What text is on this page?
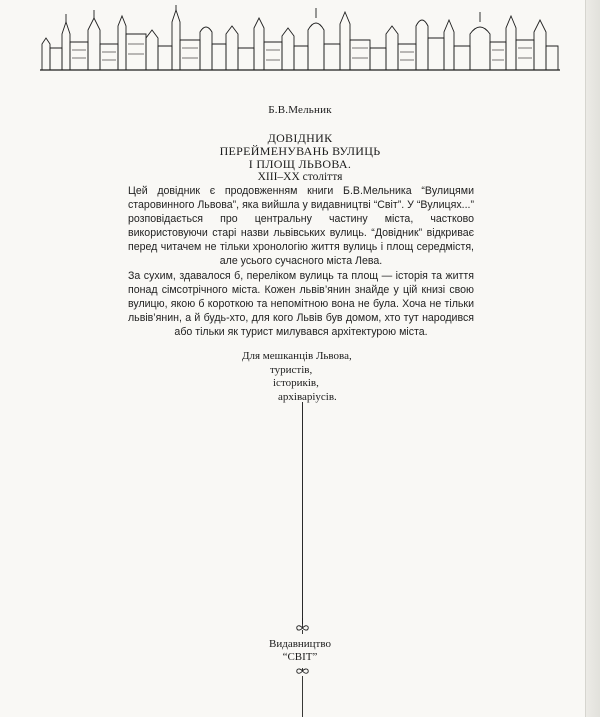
Б.В.Мельник
ДОВІДНИК
ПЕРЕЙМЕНУВАНЬ ВУЛИЦЬ
І ПЛОЩ ЛЬВОВА.
XIII–XX століття

Цей довідник є продовженням книги Б.В.Мельника “Вулицями старовинного Львова”, яка вийшла у видавництві “Світ”. У “Вулицях...” розповідається про центральну частину міста, частково використовуючи старі назви львівських вулиць. “Довідник” відкриває перед читачем не тільки хронологію життя вулиць і площ середмістя, але усього сучасного міста Лева.

За сухим, здавалося б, переліком вулиць та площ — історія та життя понад сімсотрічного міста. Кожен львів’янин знайде у цій книзі свою вулицю, якою б короткою та непомітною вона не була. Хоча не тільки львів’янин, а й будь-хто, для кого Львів був домом, хто тут народився або тільки як турист милувався архітектурою міста.

Для мешканців Львова,
туристів,
істориків,
архіваріусів.
Видавництво
“СВІТ”
